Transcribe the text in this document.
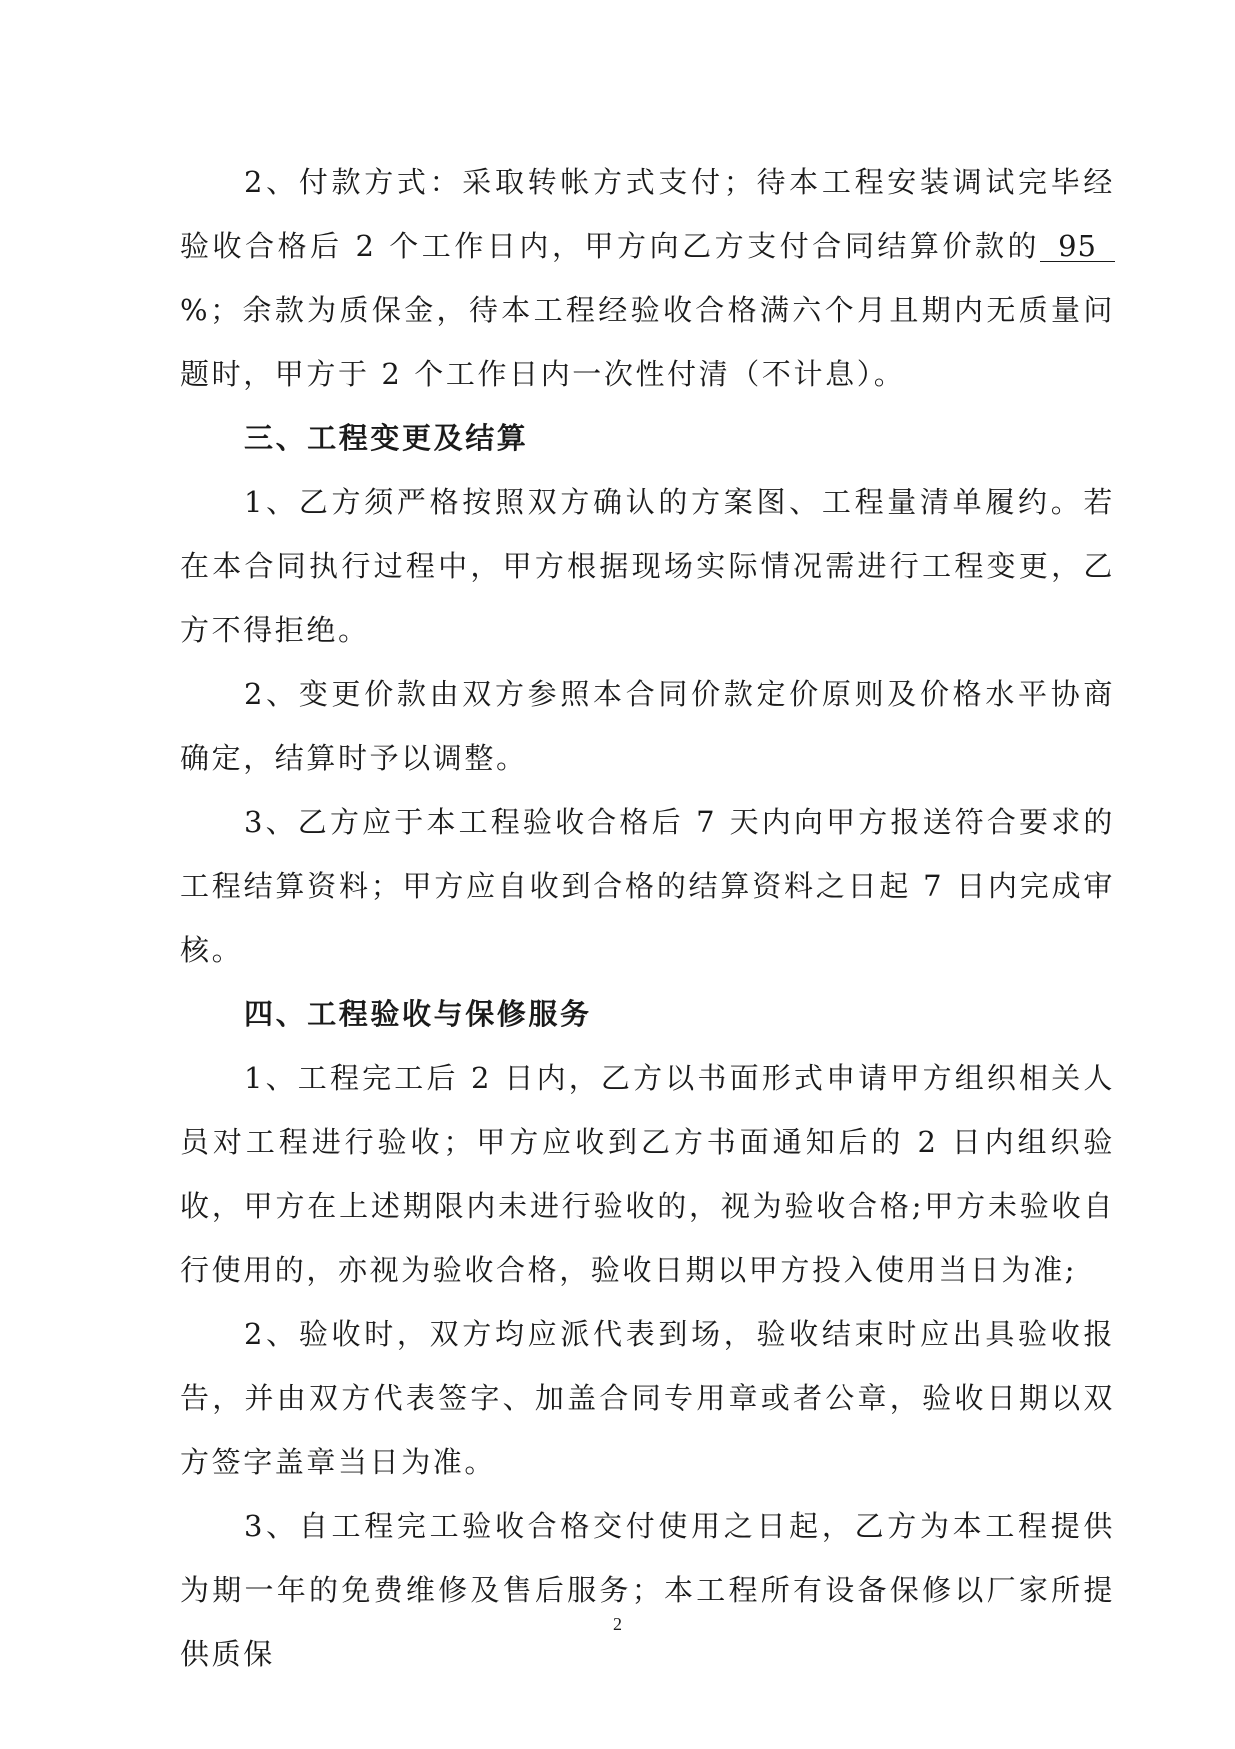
2、付款方式：采取转帐方式支付；待本工程安装调试完毕经验收合格后 2 个工作日内，甲方向乙方支付合同结算价款的 95%；余款为质保金，待本工程经验收合格满六个月且期内无质量问题时，甲方于 2 个工作日内一次性付清（不计息）。

三、工程变更及结算

1、乙方须严格按照双方确认的方案图、工程量清单履约。若在本合同执行过程中，甲方根据现场实际情况需进行工程变更，乙方不得拒绝。

2、变更价款由双方参照本合同价款定价原则及价格水平协商确定，结算时予以调整。

3、乙方应于本工程验收合格后 7 天内向甲方报送符合要求的工程结算资料；甲方应自收到合格的结算资料之日起 7 日内完成审核。

四、工程验收与保修服务

1、工程完工后 2 日内，乙方以书面形式申请甲方组织相关人员对工程进行验收；甲方应收到乙方书面通知后的 2 日内组织验收，甲方在上述期限内未进行验收的，视为验收合格;甲方未验收自行使用的，亦视为验收合格，验收日期以甲方投入使用当日为准;

2、验收时，双方均应派代表到场，验收结束时应出具验收报告，并由双方代表签字、加盖合同专用章或者公章，验收日期以双方签字盖章当日为准。

3、自工程完工验收合格交付使用之日起，乙方为本工程提供为期一年的免费维修及售后服务；本工程所有设备保修以厂家所提供质保

2
